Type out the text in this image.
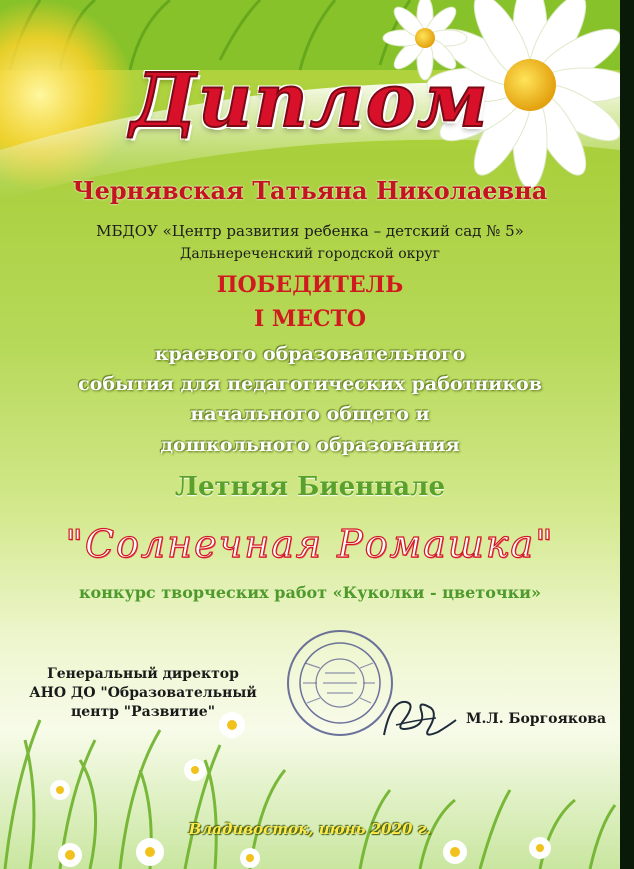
Диплом
Чернявская Татьяна Николаевна
МБДОУ «Центр развития ребенка – детский сад № 5»
Дальнереченский городской округ
ПОБЕДИТЕЛЬ
I МЕСТО
краевого образовательного
события для педагогических работников
начального общего и
дошкольного образования
Летняя Биеннале
"Солнечная Ромашка"
конкурс творческих работ «Куколки - цветочки»
Генеральный директор
АНО ДО "Образовательный
центр "Развитие"	М.Л. Боргоякова
Владивосток, июнь 2020 г.
